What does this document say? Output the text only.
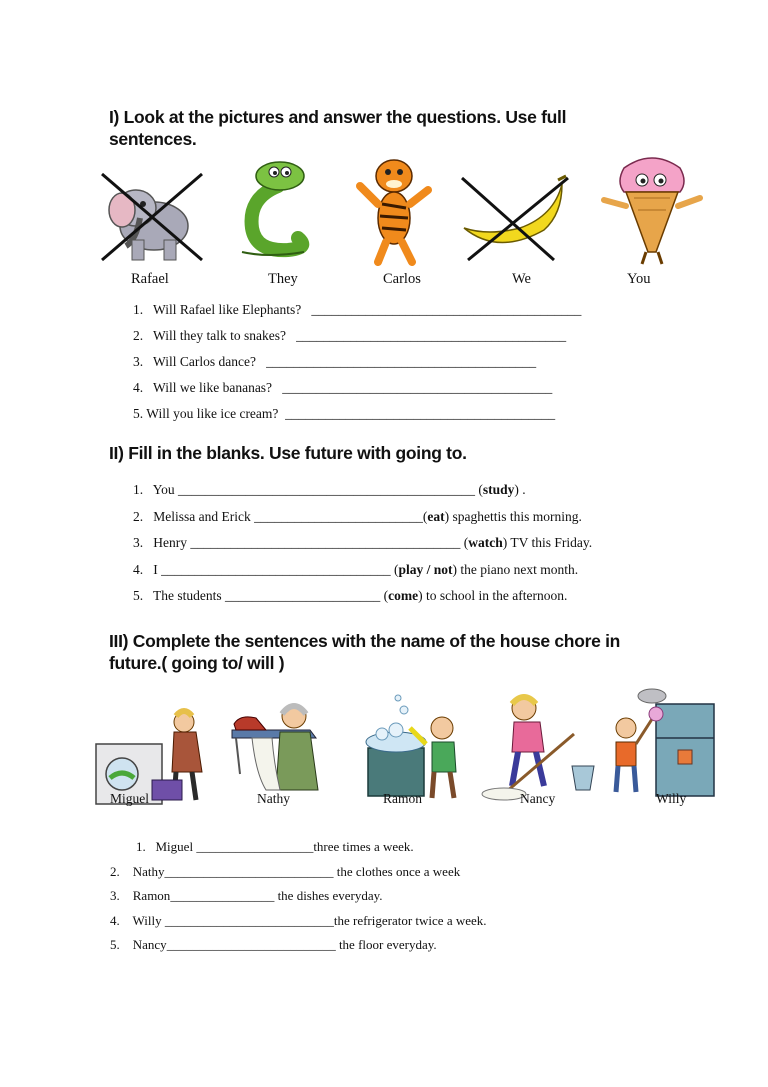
I) Look at the pictures and answer the questions. Use full
sentences.
Rafael	They	Carlos	We	You
1. Will Rafael like Elephants? ________________________________________
2. Will they talk to snakes? ________________________________________
3. Will Carlos dance? ________________________________________
4. Will we like bananas? ________________________________________
5. Will you like ice cream? ________________________________________
II) Fill in the blanks. Use future with going to.
1. You ____________________________________________ (study) .
2. Melissa and Erick _________________________(eat) spaghettis this morning.
3. Henry ________________________________________ (watch) TV this Friday.
4. I __________________________________ (play / not) the piano next month.
5. The students _______________________ (come) to school in the afternoon.
III) Complete the sentences with the name of the house chore in
future.( going to/ will )
Miguel	Nathy	Ramon	Nancy	Willy
1. Miguel __________________three times a week.
2. Nathy__________________________ the clothes once a week
3. Ramon________________ the dishes everyday.
4. Willy __________________________the refrigerator twice a week.
5. Nancy__________________________ the floor everyday.
